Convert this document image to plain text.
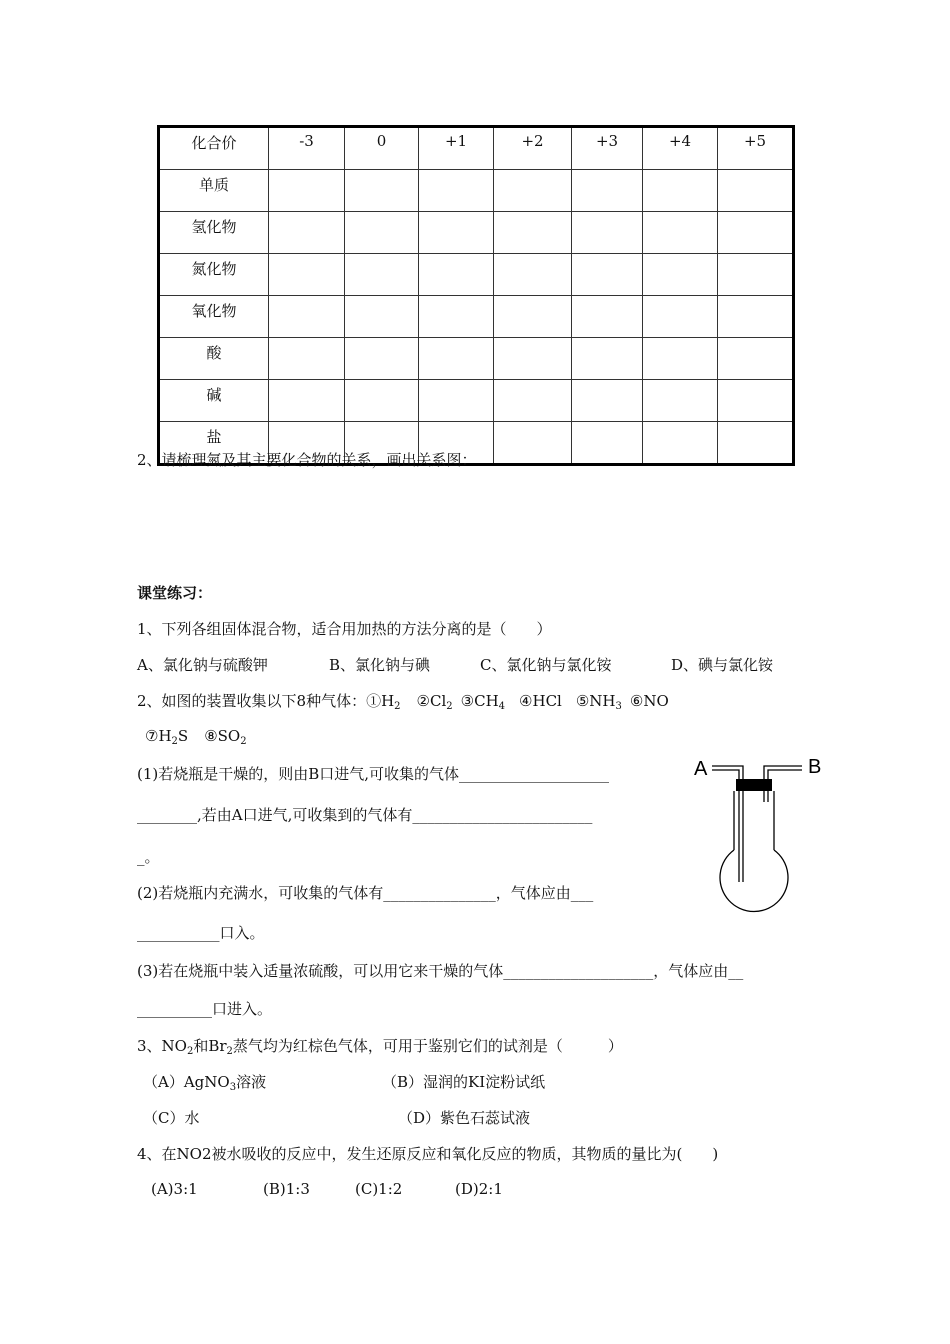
化合价	-3	0	+1	+2	+3	+4	+5
单质							
氢化物							
氮化物							
氧化物							
酸							
碱							
盐							
2、请梳理氮及其主要化合物的关系，画出关系图：
课堂练习：
1、下列各组固体混合物，适合用加热的方法分离的是（　　）
A、氯化钠与硫酸钾	B、氯化钠与碘	C、氯化钠与氯化铵	D、碘与氯化铵
2、如图的装置收集以下8种气体：$①H_2$ $②Cl_2$ $③CH_4$ ④HCl $⑤NH_3$ ⑥NO
$⑦H_2S$ $⑧SO_2$
(1)若烧瓶是干燥的，则由B口进气,可收集的气体____________________
________,若由A口进气,可收集到的气体有________________________
_。
(2)若烧瓶内充满水，可收集的气体有_______________，气体应由___
___________口入。
(3)若在烧瓶中装入适量浓硫酸，可以用它来干燥的气体____________________，气体应由__
__________口进入。
A	B
3、$NO_2$和$Br_2$蒸气均为红棕色气体，可用于鉴别它们的试剂是（　　　）
（A）AgNO$_3$溶液	（B）湿润的KI淀粉试纸
（C）水	（D）紫色石蕊试液
4、在NO2被水吸收的反应中，发生还原反应和氧化反应的物质，其物质的量比为(　　)
(A)3:1	(B)1:3	(C)1:2	(D)2:1
